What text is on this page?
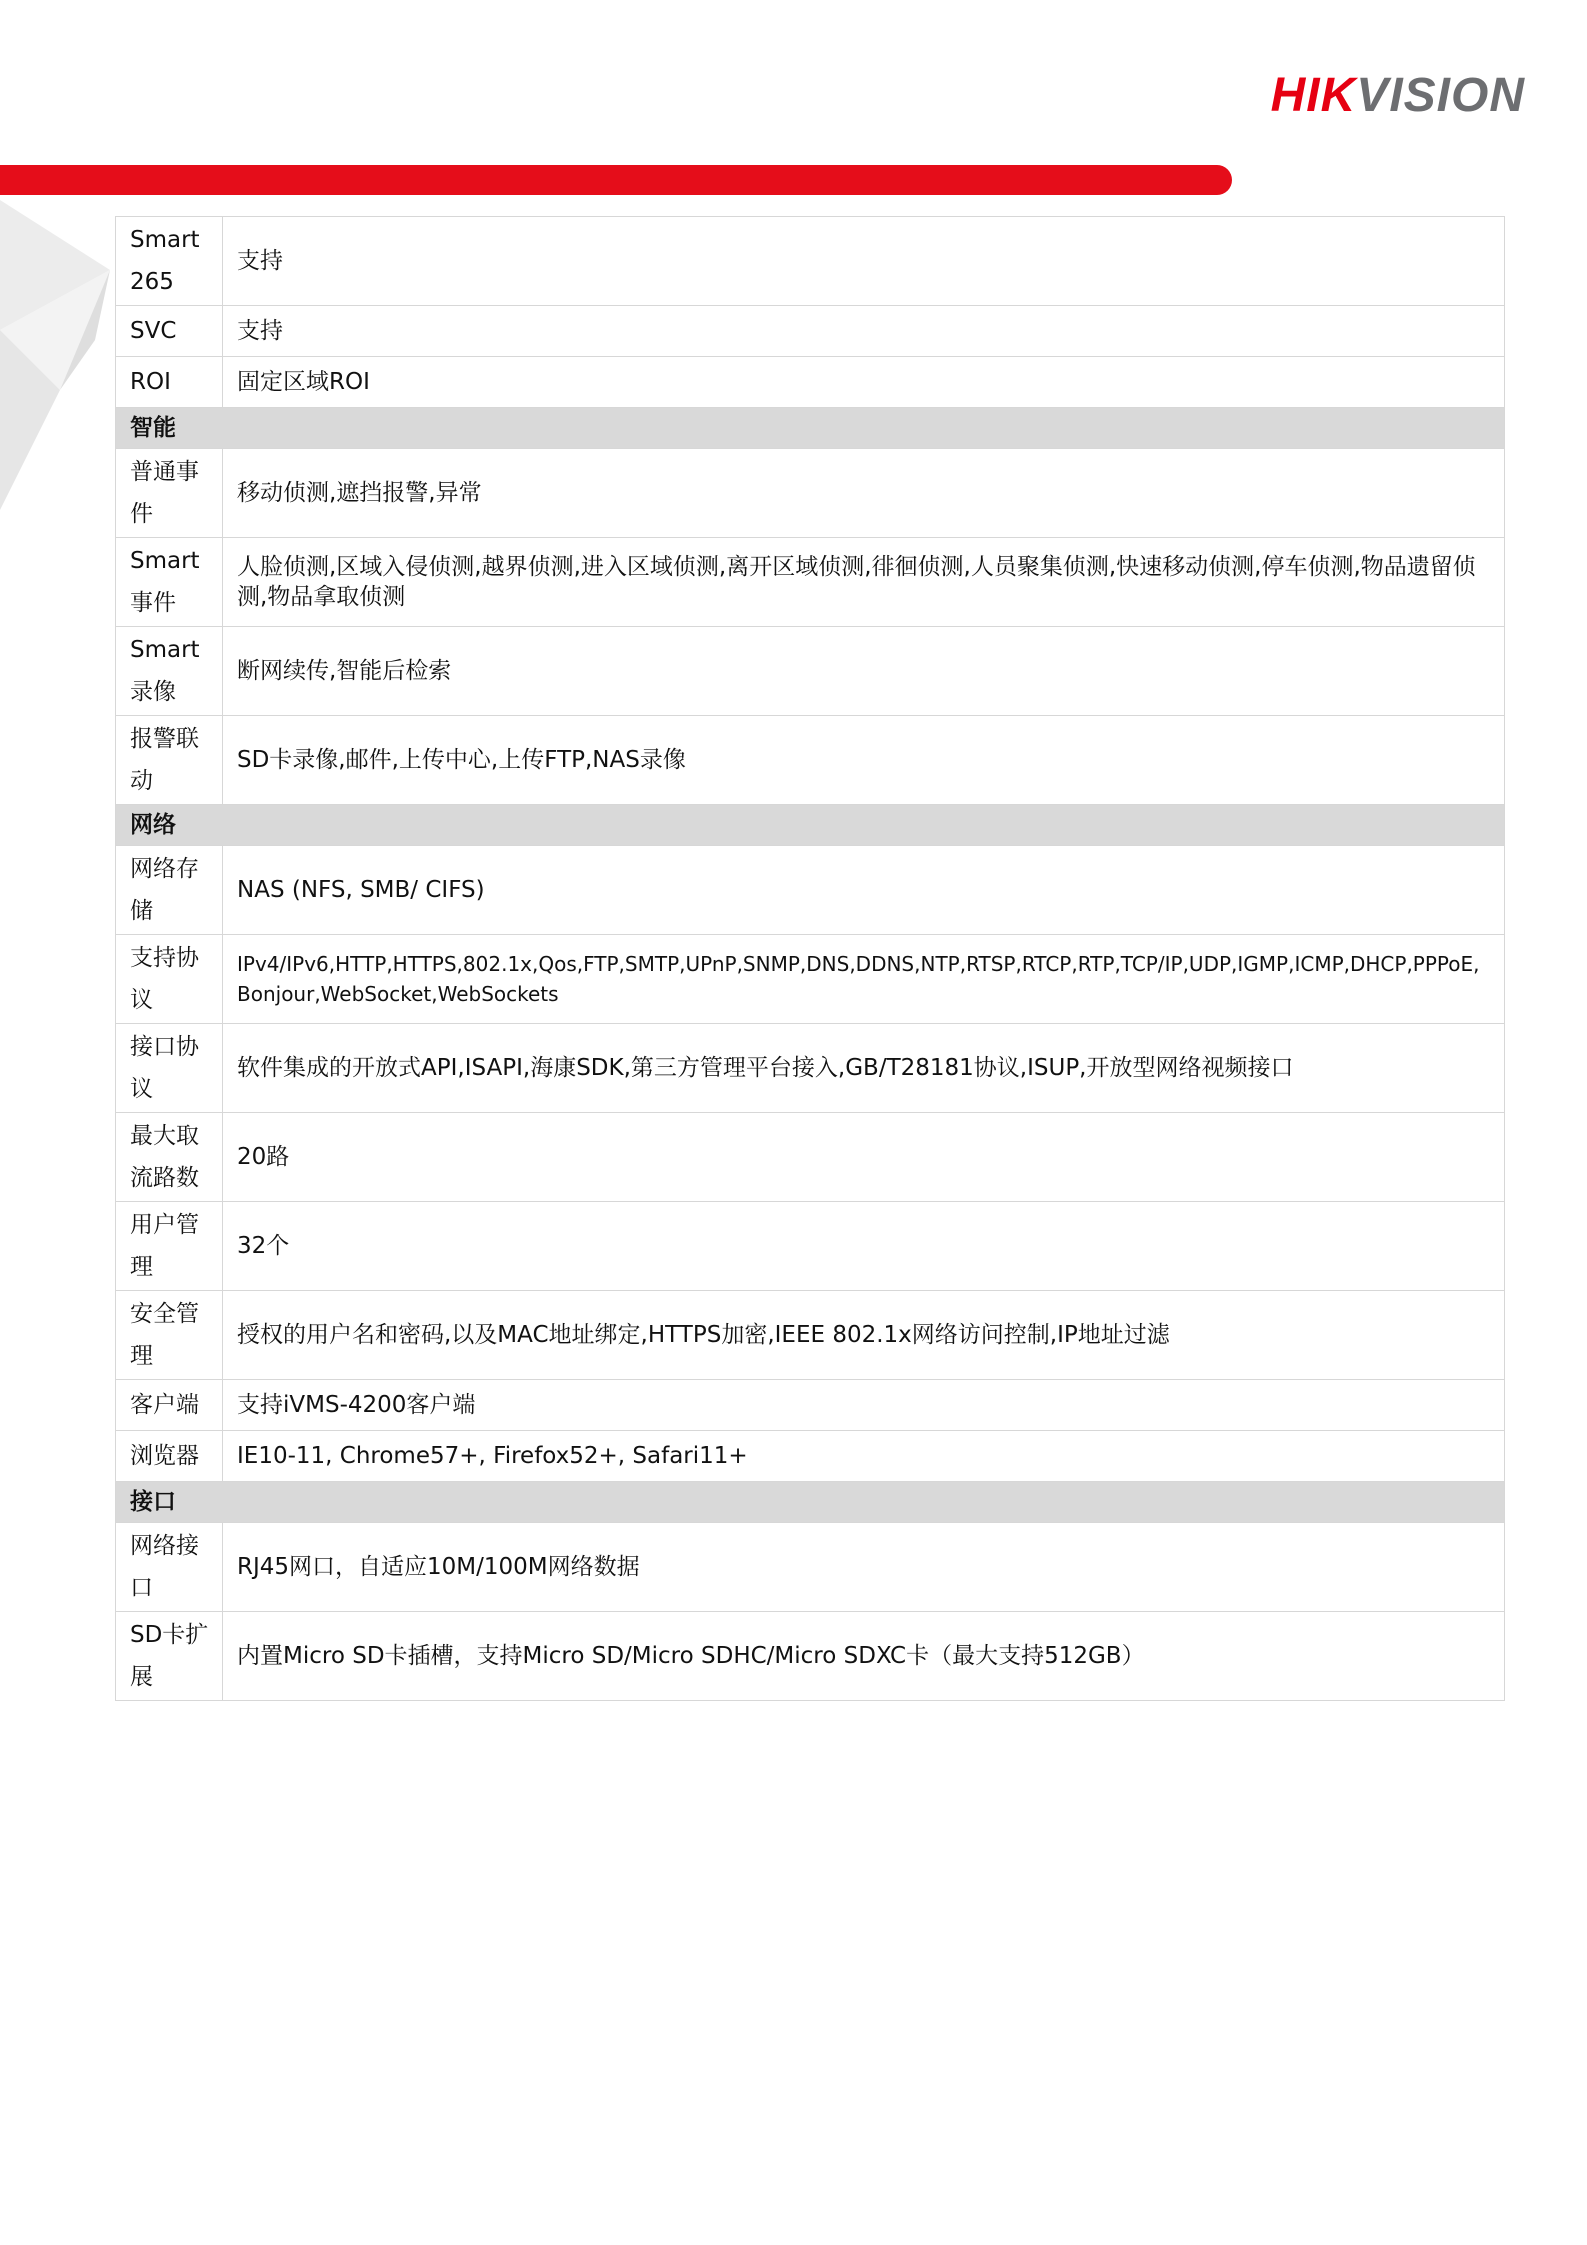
HIKVISION
Smart 265	支持
SVC	支持
ROI	固定区域ROI
智能	
普通事件	移动侦测,遮挡报警,异常
Smart事件	人脸侦测,区域入侵侦测,越界侦测,进入区域侦测,离开区域侦测,徘徊侦测,人员聚集侦测,快速移动侦测,停车侦测,物品遗留侦测,物品拿取侦测
Smart录像	断网续传,智能后检索
报警联动	SD卡录像,邮件,上传中心,上传FTP,NAS录像
网络	
网络存储	NAS (NFS, SMB/ CIFS)
支持协议	IPv4/IPv6,HTTP,HTTPS,802.1x,Qos,FTP,SMTP,UPnP,SNMP,DNS,DDNS,NTP,RTSP,RTCP,RTP,TCP/IP,UDP,IGMP,ICMP,DHCP,PPPoE,Bonjour,WebSocket,WebSockets
接口协议	软件集成的开放式API,ISAPI,海康SDK,第三方管理平台接入,GB/T28181协议,ISUP,开放型网络视频接口
最大取流路数	20路
用户管理	32个
安全管理	授权的用户名和密码,以及MAC地址绑定,HTTPS加密,IEEE 802.1x网络访问控制,IP地址过滤
客户端	支持iVMS-4200客户端
浏览器	IE10-11, Chrome57+, Firefox52+, Safari11+
接口	
网络接口	RJ45网口，自适应10M/100M网络数据
SD卡扩展	内置Micro SD卡插槽，支持Micro SD/Micro SDHC/Micro SDXC卡（最大支持512GB）
